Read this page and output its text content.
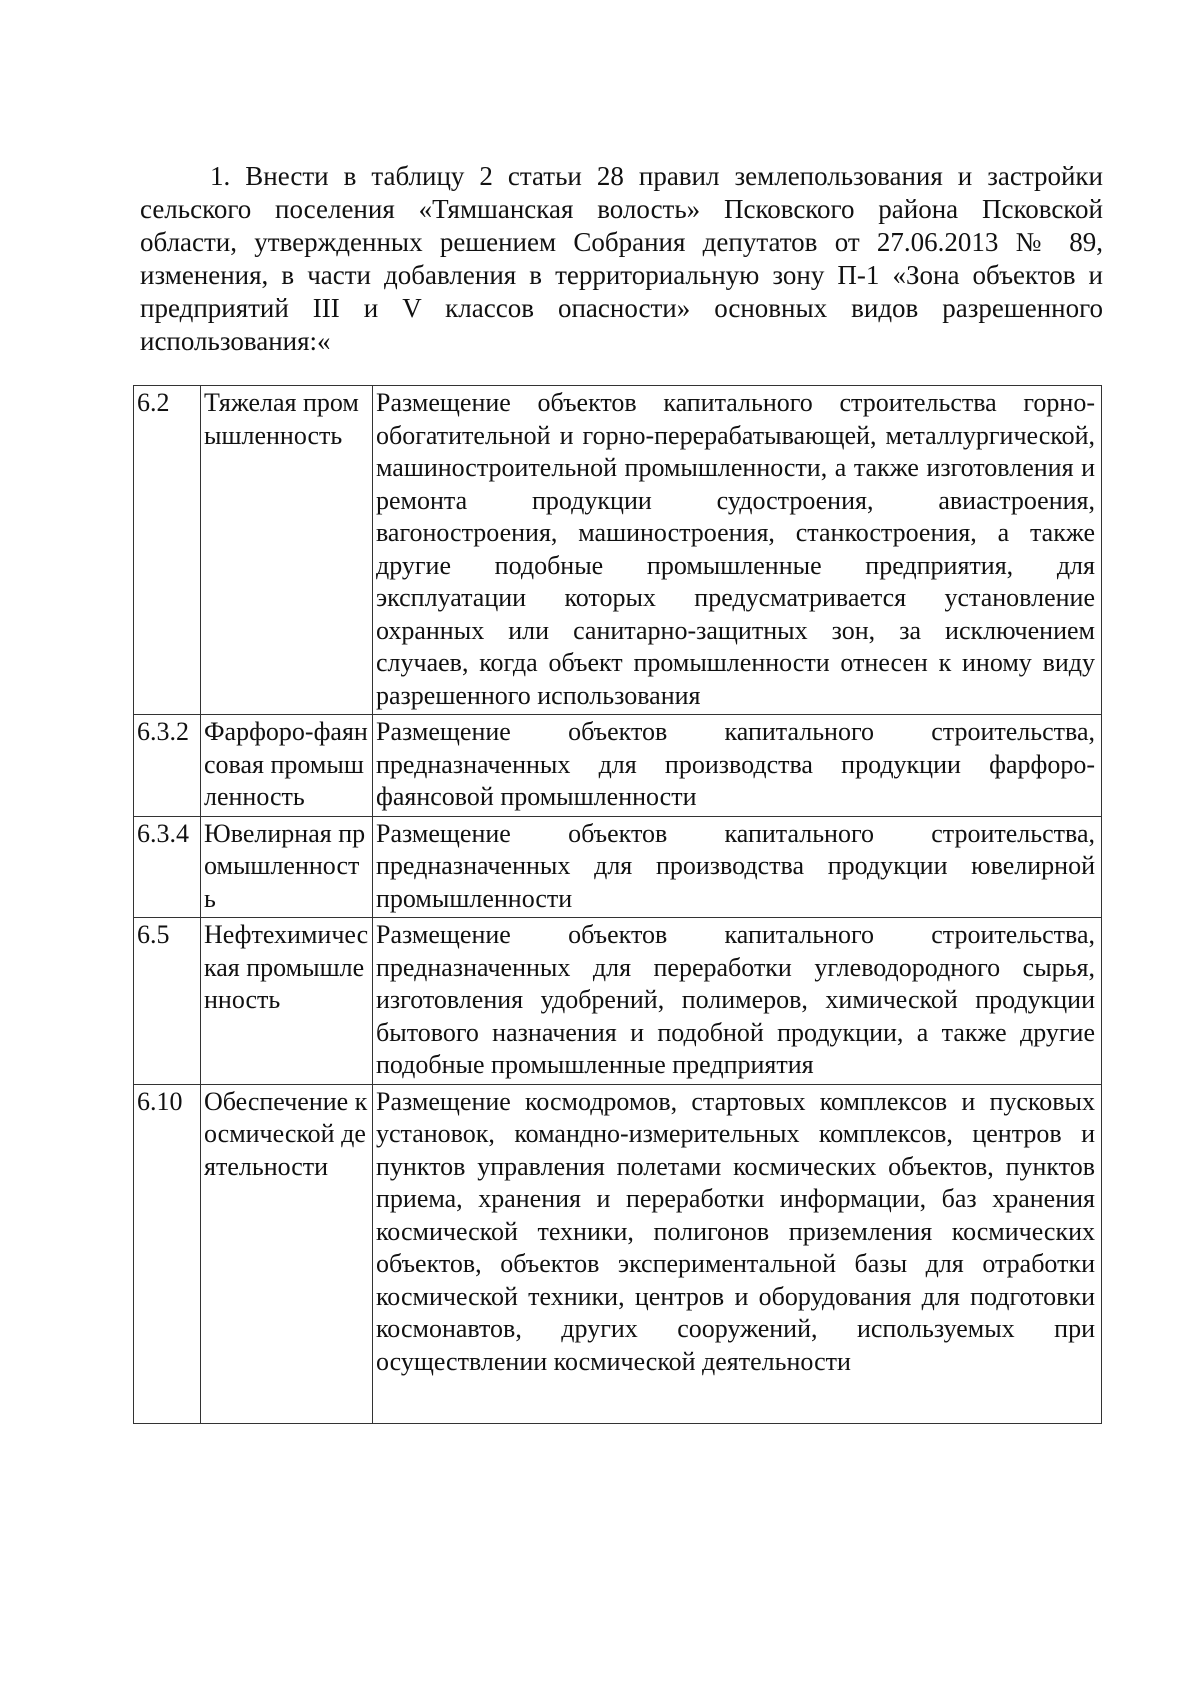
1. Внести в таблицу 2 статьи 28 правил землепользования и застройки сельского поселения «Тямшанская волость» Псковского района Псковской области, утвержденных решением Собрания депутатов от 27.06.2013 № 89, изменения, в части добавления в территориальную зону П-1 «Зона объектов и предприятий III и V классов опасности» основных видов разрешенного использования:«

6.2	Тяжелая промышленность	Размещение объектов капитального строительства горно-обогатительной и горно-перерабатывающей, металлургической, машиностроительной промышленности, а также изготовления и ремонта продукции судостроения, авиастроения, вагоностроения, машиностроения, станкостроения, а также другие подобные промышленные предприятия, для эксплуатации которых предусматривается установление охранных или санитарно-защитных зон, за исключением случаев, когда объект промышленности отнесен к иному виду разрешенного использования
6.3.2	Фарфоро-фаянсовая промышленность	Размещение объектов капитального строительства, предназначенных для производства продукции фарфоро-фаянсовой промышленности
6.3.4	Ювелирная промышленность	Размещение объектов капитального строительства, предназначенных для производства продукции ювелирной промышленности
6.5	Нефтехимическая промышленность	Размещение объектов капитального строительства, предназначенных для переработки углеводородного сырья, изготовления удобрений, полимеров, химической продукции бытового назначения и подобной продукции, а также другие подобные промышленные предприятия
6.10	Обеспечение космической деятельности	Размещение космодромов, стартовых комплексов и пусковых установок, командно-измерительных комплексов, центров и пунктов управления полетами космических объектов, пунктов приема, хранения и переработки информации, баз хранения космической техники, полигонов приземления космических объектов, объектов экспериментальной базы для отработки космической техники, центров и оборудования для подготовки космонавтов, других сооружений, используемых при осуществлении космической деятельности
